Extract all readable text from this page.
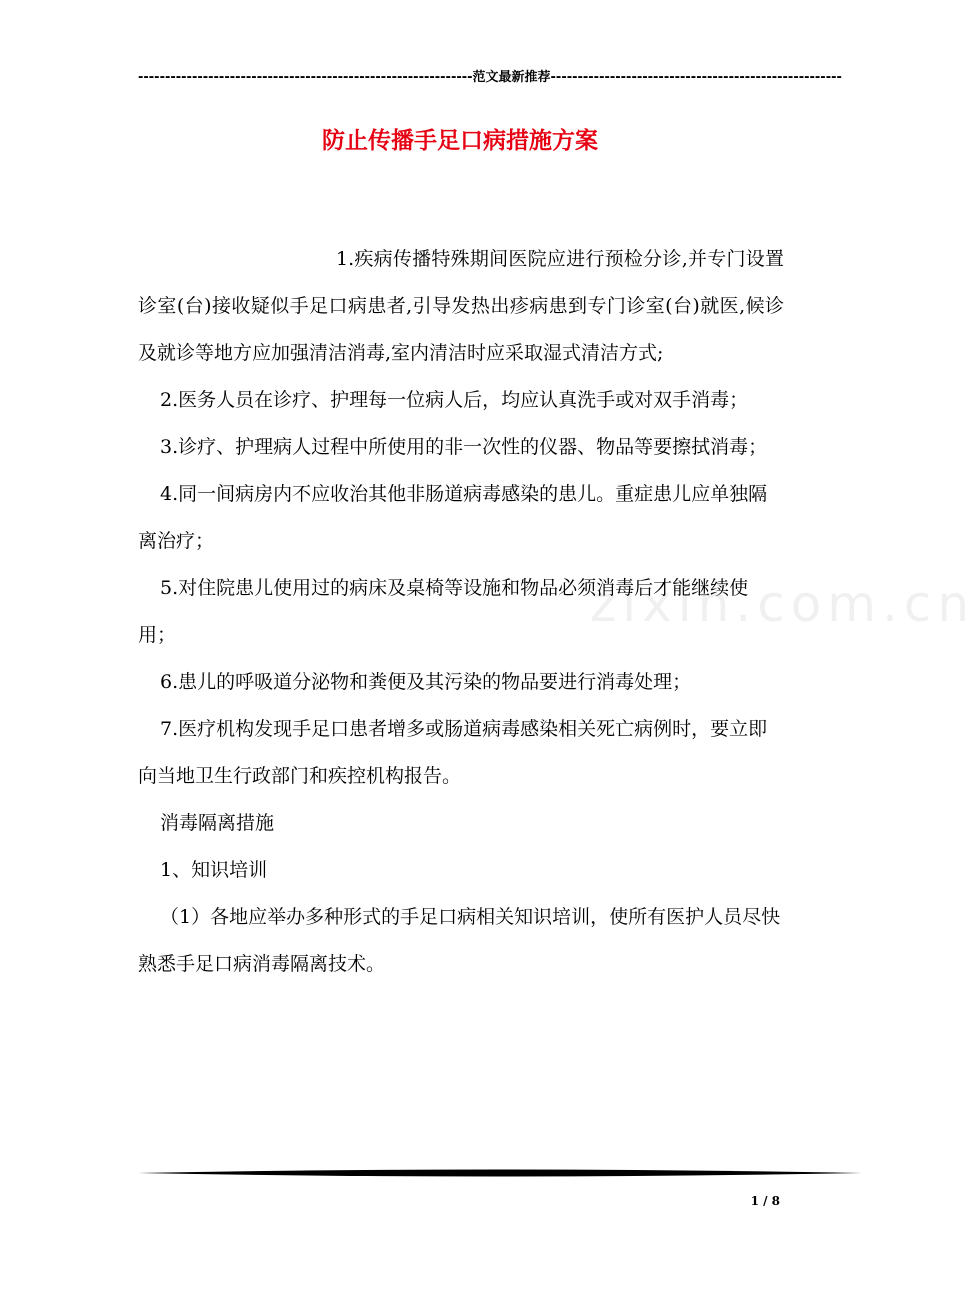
--------------------------------------------------------------范文最新推荐------------------------------------------------------
防止传播手足口病措施方案
zixin.com.cn

1.疾病传播特殊期间医院应进行预检分诊,并专门设置诊室(台)接收疑似手足口病患者,引导发热出疹病患到专门诊室(台)就医,候诊及就诊等地方应加强清洁消毒,室内清洁时应采取湿式清洁方式;

2.医务人员在诊疗、护理每一位病人后，均应认真洗手或对双手消毒；

3.诊疗、护理病人过程中所使用的非一次性的仪器、物品等要擦拭消毒；

4.同一间病房内不应收治其他非肠道病毒感染的患儿。重症患儿应单独隔离治疗；

5.对住院患儿使用过的病床及桌椅等设施和物品必须消毒后才能继续使用；

6.患儿的呼吸道分泌物和粪便及其污染的物品要进行消毒处理；

7.医疗机构发现手足口患者增多或肠道病毒感染相关死亡病例时，要立即向当地卫生行政部门和疾控机构报告。

消毒隔离措施

1、知识培训

（1）各地应举办多种形式的手足口病相关知识培训，使所有医护人员尽快熟悉手足口病消毒隔离技术。

1 / 8
